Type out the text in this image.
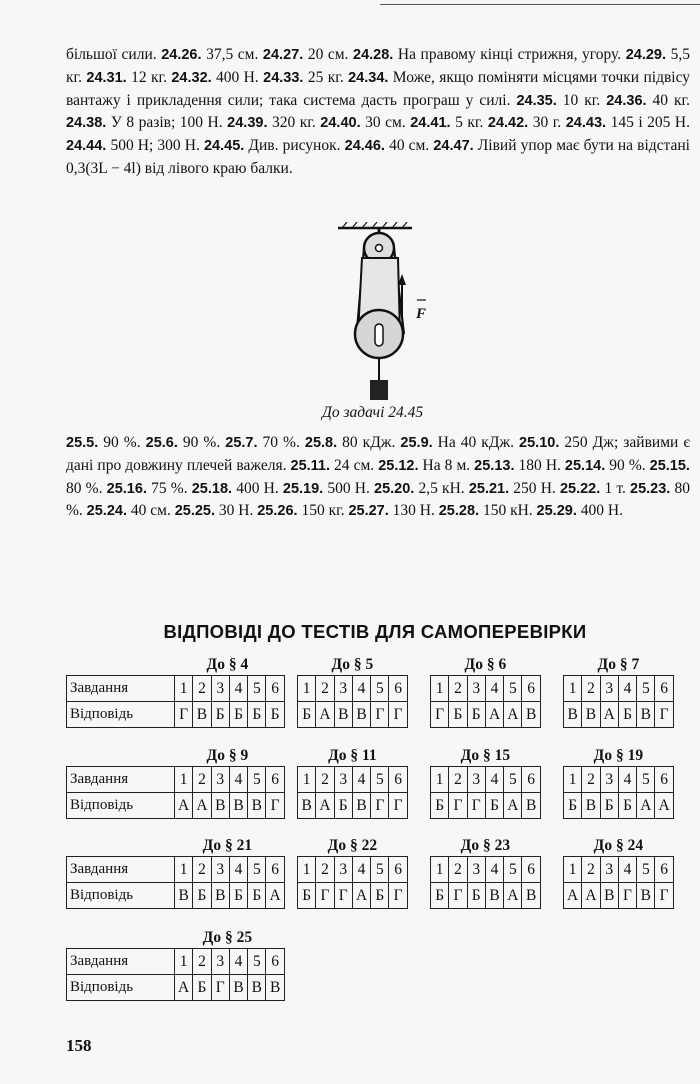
більшої сили. 24.26. 37,5 см. 24.27. 20 см. 24.28. На правому кінці стрижня, угору. 24.29. 5,5 кг. 24.31. 12 кг. 24.32. 400 Н. 24.33. 25 кг. 24.34. Може, якщо поміняти місцями точки підвісу вантажу і прикладення сили; така система дасть програш у силі. 24.35. 10 кг. 24.36. 40 кг. 24.38. У 8 разів; 100 Н. 24.39. 320 кг. 24.40. 30 см. 24.41. 5 кг. 24.42. 30 г. 24.43. 145 і 205 Н. 24.44. 500 Н; 300 Н. 24.45. Див. рисунок. 24.46. 40 см. 24.47. Лівий упор має бути на відстані 0,3(3L − 4l) від лівого краю балки.
F
До задачі 24.45
25.5. 90 %. 25.6. 90 %. 25.7. 70 %. 25.8. 80 кДж. 25.9. На 40 кДж. 25.10. 250 Дж; зайвими є дані про довжину плечей важеля. 25.11. 24 см. 25.12. На 8 м. 25.13. 180 Н. 25.14. 90 %. 25.15. 80 %. 25.16. 75 %. 25.18. 400 Н. 25.19. 500 Н. 25.20. 2,5 кН. 25.21. 250 Н. 25.22. 1 т. 25.23. 80 %. 25.24. 40 см. 25.25. 30 Н. 25.26. 150 кг. 25.27. 130 Н. 25.28. 150 кН. 25.29. 400 Н.
ВІДПОВІДІ ДО ТЕСТІВ ДЛЯ САМОПЕРЕВІРКИ
До § 4
Завдання	1	2	3	4	5	6
Відповідь	Г	В	Б	Б	Б	Б
До § 5
1	2	3	4	5	6
Б	А	В	В	Г	Г
До § 6
1	2	3	4	5	6
Г	Б	Б	А	А	В
До § 7
1	2	3	4	5	6
В	В	А	Б	В	Г
До § 9
Завдання	1	2	3	4	5	6
Відповідь	А	А	В	В	В	Г
До § 11
1	2	3	4	5	6
В	А	Б	В	Г	Г
До § 15
1	2	3	4	5	6
Б	Г	Г	Б	А	В
До § 19
1	2	3	4	5	6
Б	В	Б	Б	А	А
До § 21
Завдання	1	2	3	4	5	6
Відповідь	В	Б	В	Б	Б	А
До § 22
1	2	3	4	5	6
Б	Г	Г	А	Б	Г
До § 23
1	2	3	4	5	6
Б	Г	Б	В	А	В
До § 24
1	2	3	4	5	6
А	А	В	Г	В	Г
До § 25
Завдання	1	2	3	4	5	6
Відповідь	А	Б	Г	В	В	В
158
